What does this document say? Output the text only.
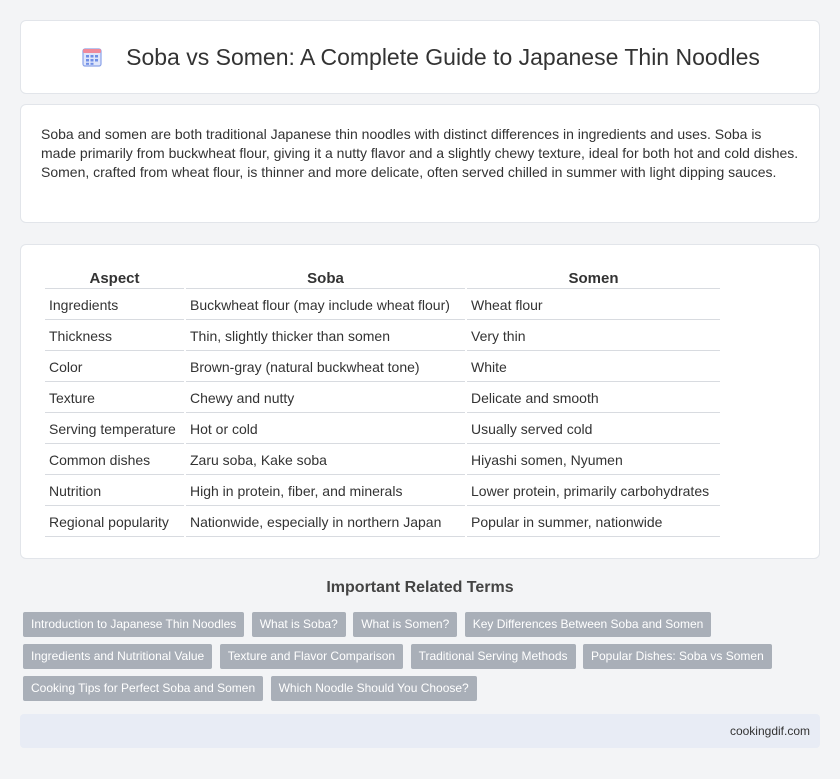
Soba vs Somen: A Complete Guide to Japanese Thin Noodles

Soba and somen are both traditional Japanese thin noodles with distinct differences in ingredients and uses. Soba is made primarily from buckwheat flour, giving it a nutty flavor and a slightly chewy texture, ideal for both hot and cold dishes. Somen, crafted from wheat flour, is thinner and more delicate, often served chilled in summer with light dipping sauces.

Aspect	Soba	Somen
Ingredients	Buckwheat flour (may include wheat flour)	Wheat flour
Thickness	Thin, slightly thicker than somen	Very thin
Color	Brown-gray (natural buckwheat tone)	White
Texture	Chewy and nutty	Delicate and smooth
Serving temperature	Hot or cold	Usually served cold
Common dishes	Zaru soba, Kake soba	Hiyashi somen, Nyumen
Nutrition	High in protein, fiber, and minerals	Lower protein, primarily carbohydrates
Regional popularity	Nationwide, especially in northern Japan	Popular in summer, nationwide
Important Related Terms
Introduction to Japanese Thin Noodles What is Soba? What is Somen? Key Differences Between Soba and Somen Ingredients and Nutritional Value Texture and Flavor Comparison Traditional Serving Methods Popular Dishes: Soba vs Somen Cooking Tips for Perfect Soba and Somen Which Noodle Should You Choose?
cookingdif.com
